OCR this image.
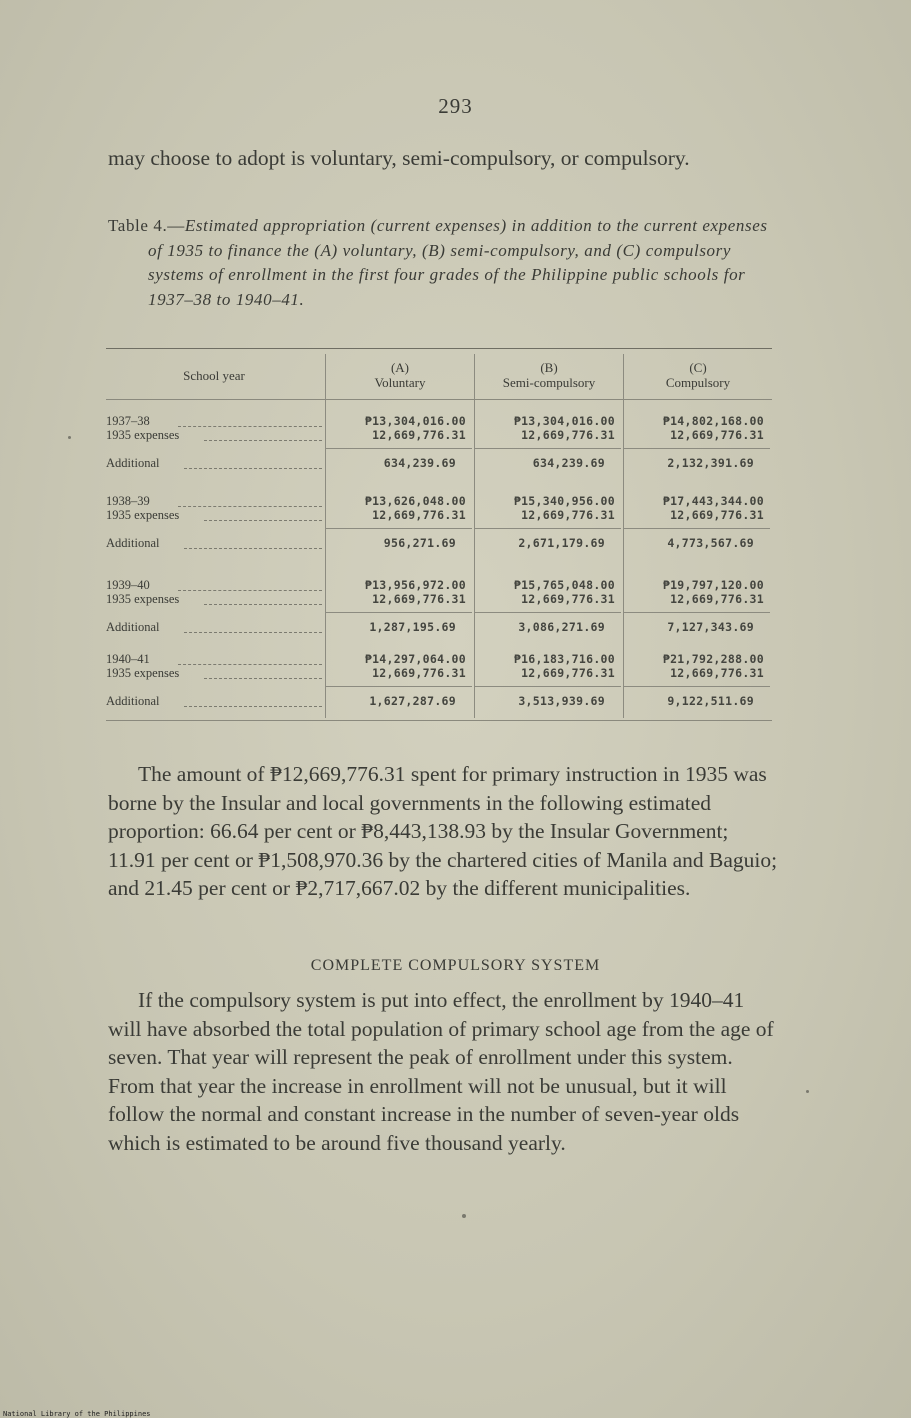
293

may choose to adopt is voluntary, semi-compulsory, or compulsory.

Table 4.—Estimated appropriation (current expenses) in addition to the current expenses of 1935 to finance the (A) voluntary, (B) semi-compulsory, and (C) compulsory systems of enrollment in the first four grades of the Philippine public schools for 1937–38 to 1940–41.
School year
(A)
Voluntary
(B)
Semi-compulsory
(C)
Compulsory
1937–38
1935 expenses
Additional
₱13,304,016.00
12,669,776.31
634,239.69
₱13,304,016.00
12,669,776.31
634,239.69
₱14,802,168.00
12,669,776.31
2,132,391.69
1938–39
1935 expenses
Additional
₱13,626,048.00
12,669,776.31
956,271.69
₱15,340,956.00
12,669,776.31
2,671,179.69
₱17,443,344.00
12,669,776.31
4,773,567.69
1939–40
1935 expenses
Additional
₱13,956,972.00
12,669,776.31
1,287,195.69
₱15,765,048.00
12,669,776.31
3,086,271.69
₱19,797,120.00
12,669,776.31
7,127,343.69
1940–41
1935 expenses
Additional
₱14,297,064.00
12,669,776.31
1,627,287.69
₱16,183,716.00
12,669,776.31
3,513,939.69
₱21,792,288.00
12,669,776.31
9,122,511.69

The amount of ₱12,669,776.31 spent for primary instruction in 1935 was borne by the Insular and local governments in the following estimated proportion: 66.64 per cent or ₱8,443,138.93 by the Insular Government; 11.91 per cent or ₱1,508,970.36 by the chartered cities of Manila and Baguio; and 21.45 per cent or ₱2,717,667.02 by the different municipalities.

COMPLETE COMPULSORY SYSTEM

If the compulsory system is put into effect, the enrollment by 1940–41 will have absorbed the total population of primary school age from the age of seven. That year will represent the peak of enrollment under this system. From that year the increase in enrollment will not be unusual, but it will follow the normal and constant increase in the number of seven-year olds which is estimated to be around five thousand yearly.

National Library of the Philippines
